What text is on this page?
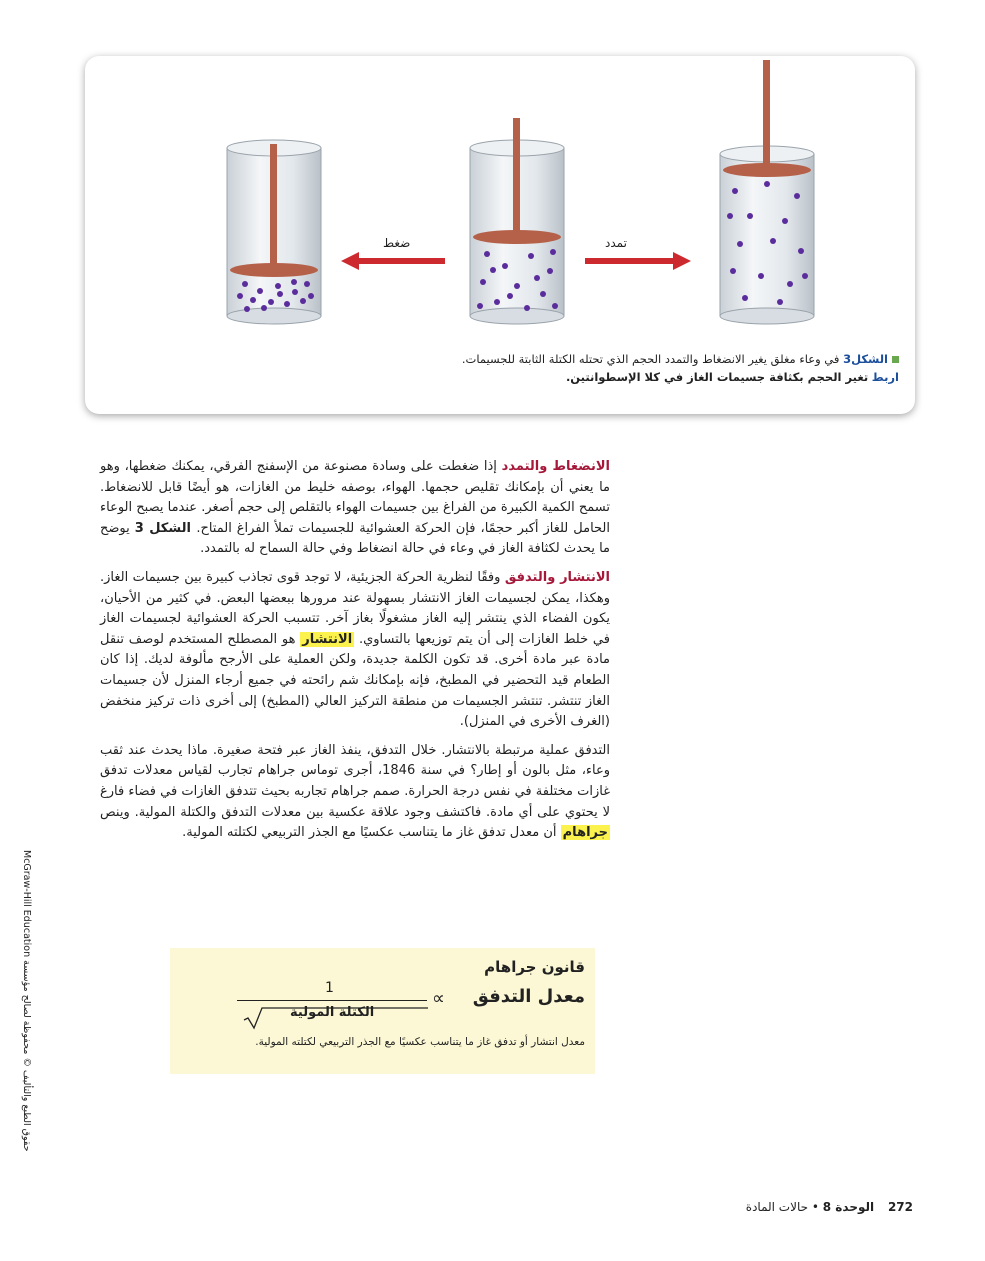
ضغط	تمدد
الشكل3 في وعاء مغلق يغير الانضغاط والتمدد الحجم الذي تحتله الكتلة الثابتة للجسيمات.
اربط تغير الحجم بكثافة جسيمات الغاز في كلا الإسطوانتين.

الانضغاط والتمدد إذا ضغطت على وسادة مصنوعة من الإسفنج الفرقي، يمكنك ضغطها، وهو ما يعني أن بإمكانك تقليص حجمها. الهواء، بوصفه خليط من الغازات، هو أيضًا قابل للانضغاط. تسمح الكمية الكبيرة من الفراغ بين جسيمات الهواء بالتقلص إلى حجم أصغر. عندما يصبح الوعاء الحامل للغاز أكبر حجمًا، فإن الحركة العشوائية للجسيمات تملأ الفراغ المتاح. الشكل 3 يوضح ما يحدث لكثافة الغاز في وعاء في حالة انضغاط وفي حالة السماح له بالتمدد.

الانتشار والتدفق وفقًا لنظرية الحركة الجزيئية، لا توجد قوى تجاذب كبيرة بين جسيمات الغاز. وهكذا، يمكن لجسيمات الغاز الانتشار بسهولة عند مرورها ببعضها البعض. في كثير من الأحيان، يكون الفضاء الذي ينتشر إليه الغاز مشغولًا بغاز آخر. تتسبب الحركة العشوائية لجسيمات الغاز في خلط الغازات إلى أن يتم توزيعها بالتساوي. الانتشار هو المصطلح المستخدم لوصف تنقل مادة عبر مادة أخرى. قد تكون الكلمة جديدة، ولكن العملية على الأرجح مألوفة لديك. إذا كان الطعام قيد التحضير في المطبخ، فإنه بإمكانك شم رائحته في جميع أرجاء المنزل لأن جسيمات الغاز تنتشر. تنتشر الجسيمات من منطقة التركيز العالي (المطبخ) إلى أخرى ذات تركيز منخفض (الغرف الأخرى في المنزل).

التدفق عملية مرتبطة بالانتشار. خلال التدفق، ينفذ الغاز عبر فتحة صغيرة. ماذا يحدث عند ثقب وعاء، مثل بالون أو إطار؟ في سنة 1846، أجرى توماس جراهام تجارب لقياس معدلات تدفق غازات مختلفة في نفس درجة الحرارة. صمم جراهام تجاربه بحيث تتدفق الغازات في فضاء فارغ لا يحتوي على أي مادة. فاكتشف وجود علاقة عكسية بين معدلات التدفق والكتلة المولية. وينص جراهام أن معدل تدفق غاز ما يتناسب عكسيًا مع الجذر التربيعي لكتلته المولية.

قانون جراهام
معدل التدفق
∝
1
الكتلة المولية
معدل انتشار أو تدفق غاز ما يتناسب عكسيًا مع الجذر التربيعي لكتلته المولية.
حقوق الطبع والتأليف © محفوظة لصالح مؤسسة McGraw-Hill Education
272 الوحدة 8 • حالات المادة
